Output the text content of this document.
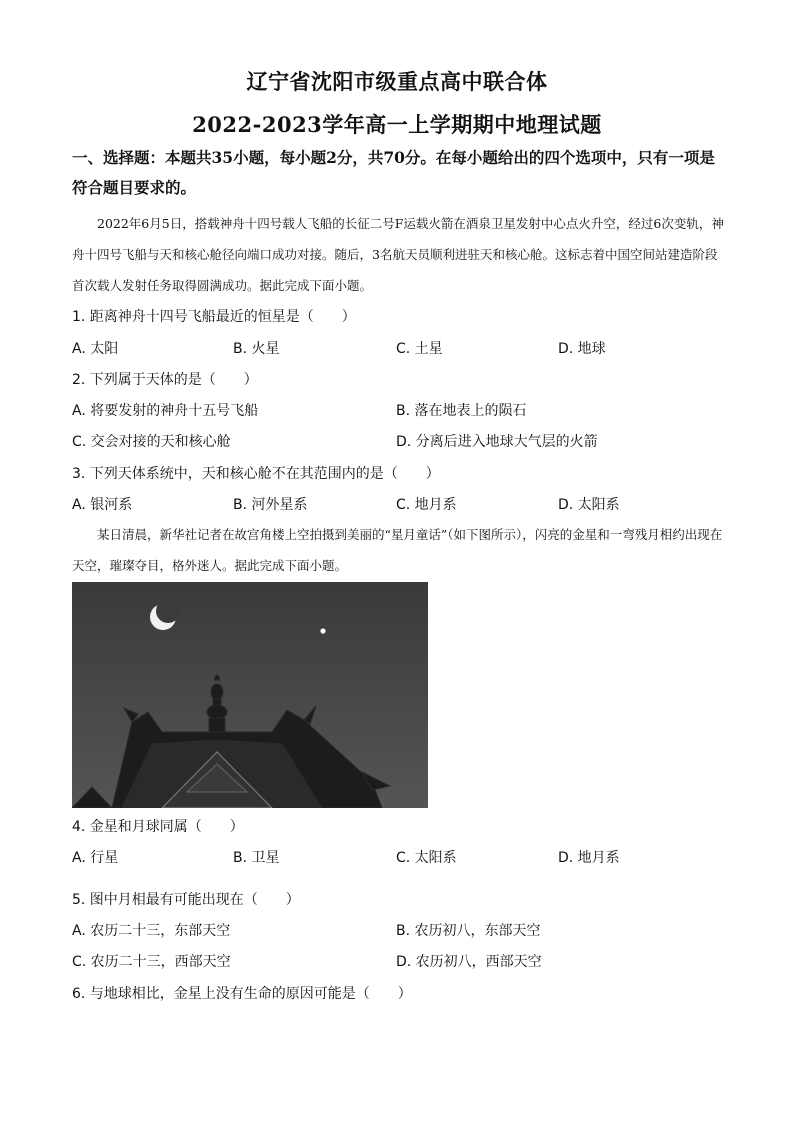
辽宁省沈阳市级重点高中联合体
2022-2023学年高一上学期期中地理试题
一、选择题：本题共35小题，每小题2分，共70分。在每小题给出的四个选项中，只有一项是符合题目要求的。
2022年6月5日，搭载神舟十四号载人飞船的长征二号F运载火箭在酒泉卫星发射中心点火升空，经过6次变轨，神舟十四号飞船与天和核心舱径向端口成功对接。随后，3名航天员顺利进驻天和核心舱。这标志着中国空间站建造阶段首次载人发射任务取得圆满成功。据此完成下面小题。
1. 距离神舟十四号飞船最近的恒星是（　　）
A. 太阳	B. 火星	C. 土星	D. 地球
2. 下列属于天体的是（　　）
A. 将要发射的神舟十五号飞船	B. 落在地表上的陨石
C. 交会对接的天和核心舱	D. 分离后进入地球大气层的火箭
3. 下列天体系统中，天和核心舱不在其范围内的是（　　）
A. 银河系	B. 河外星系	C. 地月系	D. 太阳系
某日清晨，新华社记者在故宫角楼上空拍摄到美丽的“星月童话”（如下图所示），闪亮的金星和一弯残月相约出现在天空，璀璨夺目，格外迷人。据此完成下面小题。
4. 金星和月球同属（　　）
A. 行星	B. 卫星	C. 太阳系	D. 地月系
5. 图中月相最有可能出现在（　　）
A. 农历二十三，东部天空	B. 农历初八，东部天空
C. 农历二十三，西部天空	D. 农历初八，西部天空
6. 与地球相比，金星上没有生命的原因可能是（　　）
